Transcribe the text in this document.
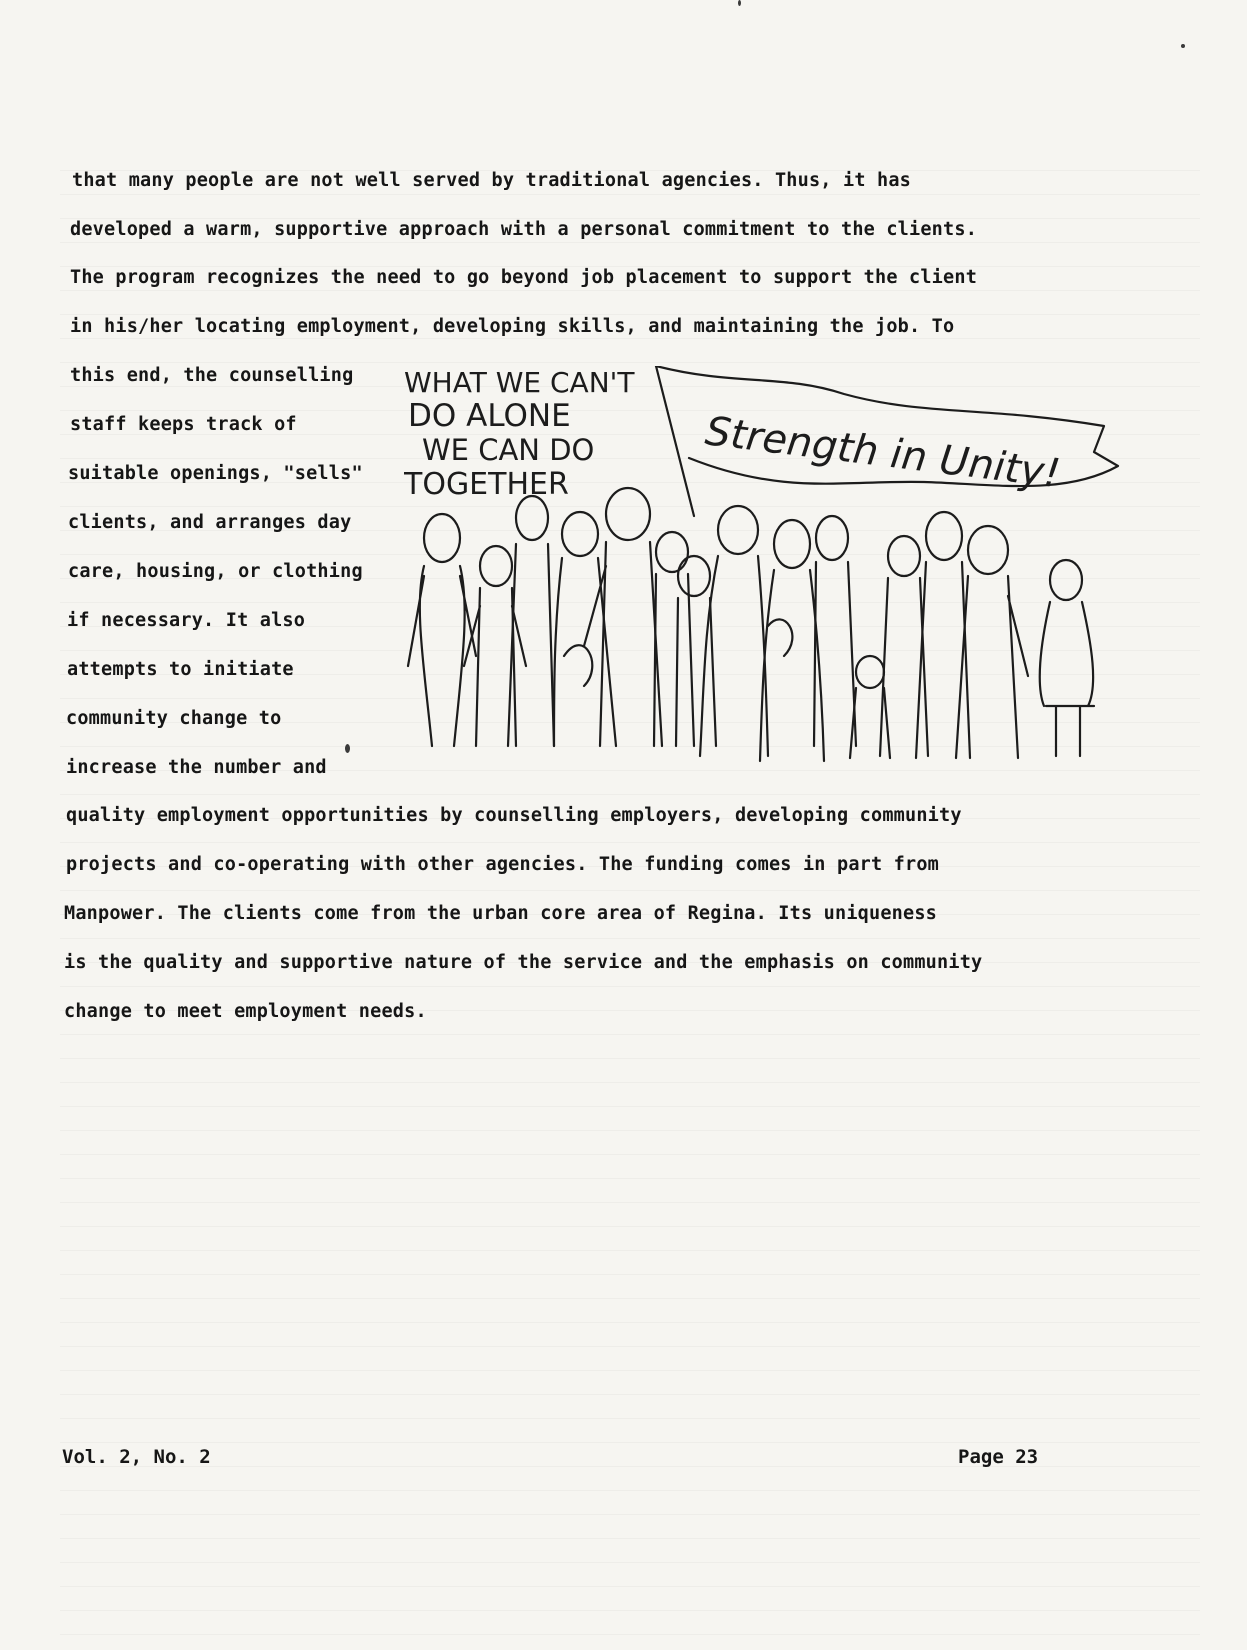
that many people are not well served by traditional agencies. Thus, it has
developed a warm, supportive approach with a personal commitment to the clients.
The program recognizes the need to go beyond job placement to support the client
in his/her locating employment, developing skills, and maintaining the job. To
this end, the counselling
staff keeps track of
suitable openings, "sells"
clients, and arranges day
care, housing, or clothing
if necessary. It also
attempts to initiate
community change to
increase the number and
quality employment opportunities by counselling employers, developing community
projects and co-operating with other agencies. The funding comes in part from
Manpower. The clients come from the urban core area of Regina. Its uniqueness
is the quality and supportive nature of the service and the emphasis on community
change to meet employment needs.
WHAT WE CAN'T
DO ALONE
WE CAN DO
TOGETHER	Strength in Unity!
Vol. 2, No. 2	Page 23
